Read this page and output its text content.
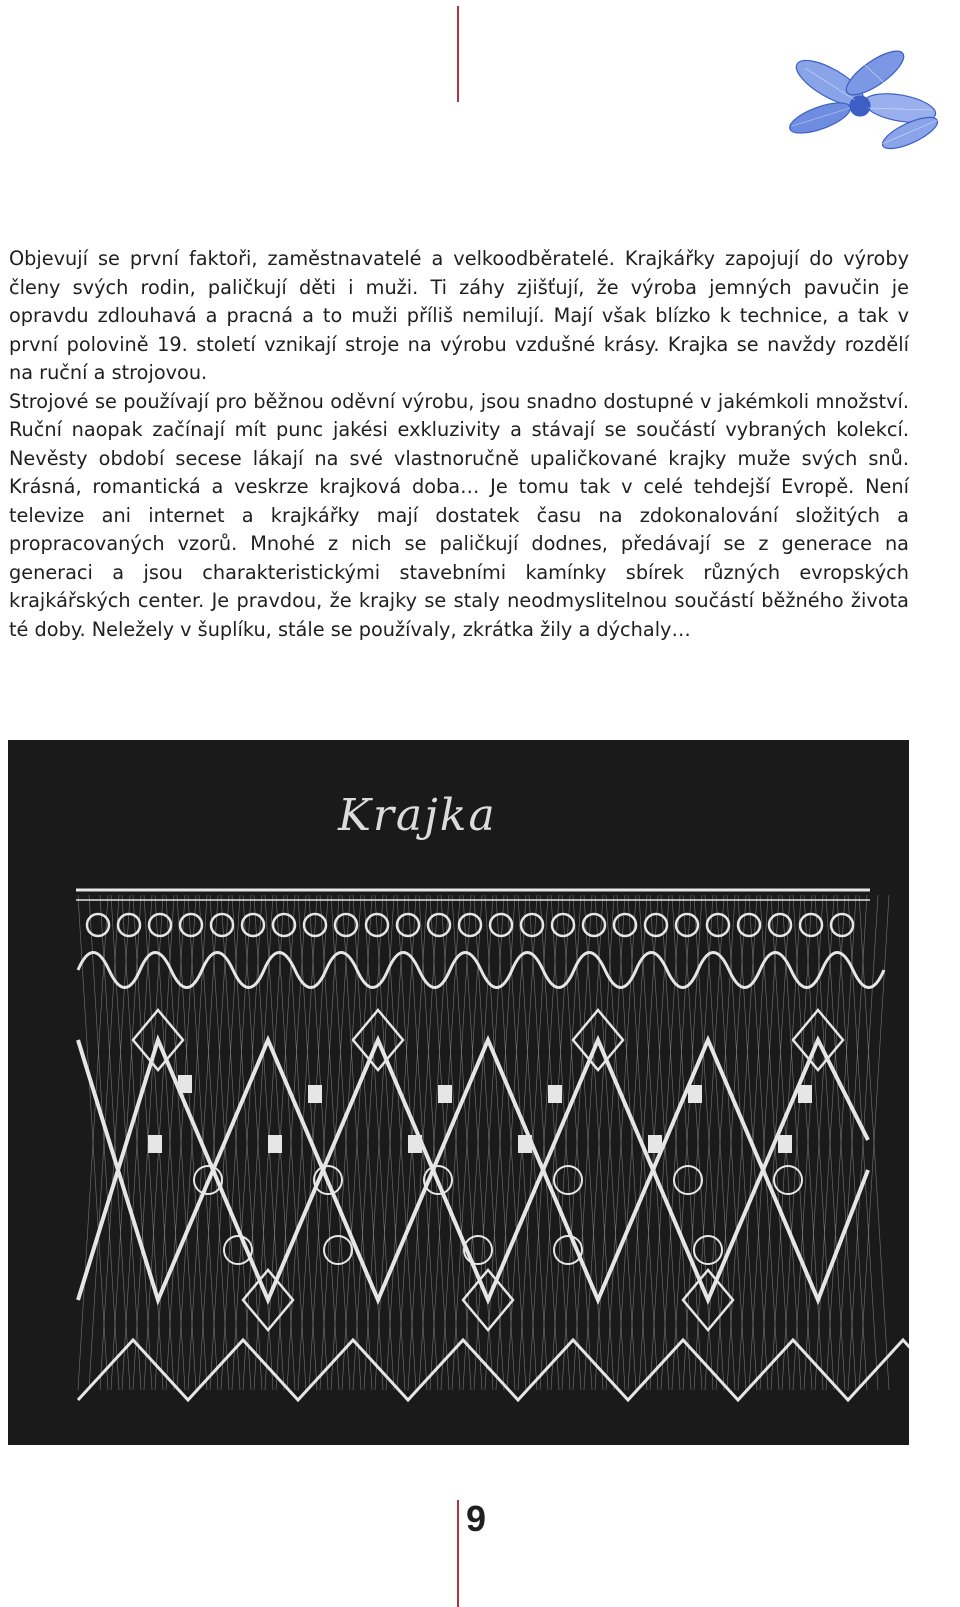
Objevují se první faktoři, zaměstnavatelé a velkoodběratelé. Krajkářky zapojují do výroby členy svých rodin, paličkují děti i muži. Ti záhy zjišťují, že výroba jemných pavučin je opravdu zdlouhavá a pracná a to muži příliš nemilují. Mají však blízko k technice, a tak v první polovině 19. století vznikají stroje na výrobu vzdušné krásy. Krajka se navždy rozdělí na ruční a strojovou.

Strojové se používají pro běžnou oděvní výrobu, jsou snadno dostupné v jakémkoli množství. Ruční naopak začínají mít punc jakési exkluzivity a stávají se součástí vybraných kolekcí. Nevěsty období secese lákají na své vlastnoručně upaličkované krajky muže svých snů. Krásná, romantická a veskrze krajková doba… Je tomu tak v celé tehdejší Evropě. Není televize ani internet a krajkářky mají dostatek času na zdokonalování složitých a propracovaných vzorů. Mnohé z nich se paličkují dodnes, předávají se z generace na generaci a jsou charakteristickými stavebními kamínky sbírek různých evropských krajkářských center. Je pravdou, že krajky se staly neodmyslitelnou součástí běžného života té doby. Neležely v šuplíku, stále se používaly, zkrátka žily a dýchaly…

Krajka
9
